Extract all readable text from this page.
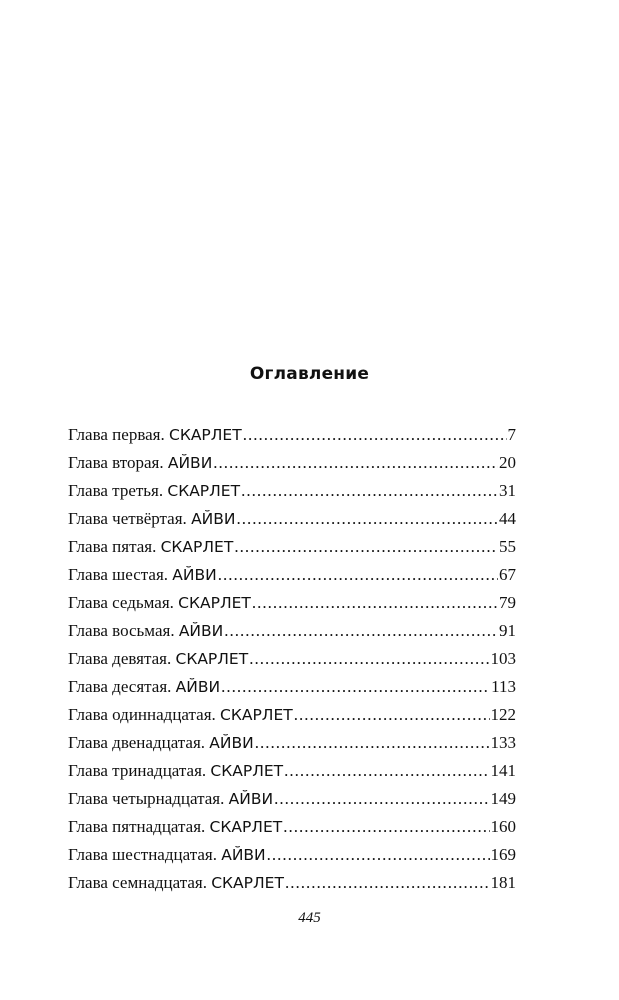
Оглавление
Глава первая. СКАРЛЕТ .....	7
Глава вторая. АЙВИ .....	20
Глава третья. СКАРЛЕТ .....	31
Глава четвёртая. АЙВИ .....	44
Глава пятая. СКАРЛЕТ .....	55
Глава шестая. АЙВИ .....	67
Глава седьмая. СКАРЛЕТ .....	79
Глава восьмая. АЙВИ .....	91
Глава девятая. СКАРЛЕТ .....	103
Глава десятая. АЙВИ .....	113
Глава одиннадцатая. СКАРЛЕТ .....	122
Глава двенадцатая. АЙВИ .....	133
Глава тринадцатая. СКАРЛЕТ .....	141
Глава четырнадцатая. АЙВИ .....	149
Глава пятнадцатая. СКАРЛЕТ .....	160
Глава шестнадцатая. АЙВИ .....	169
Глава семнадцатая. СКАРЛЕТ .....	181
445
